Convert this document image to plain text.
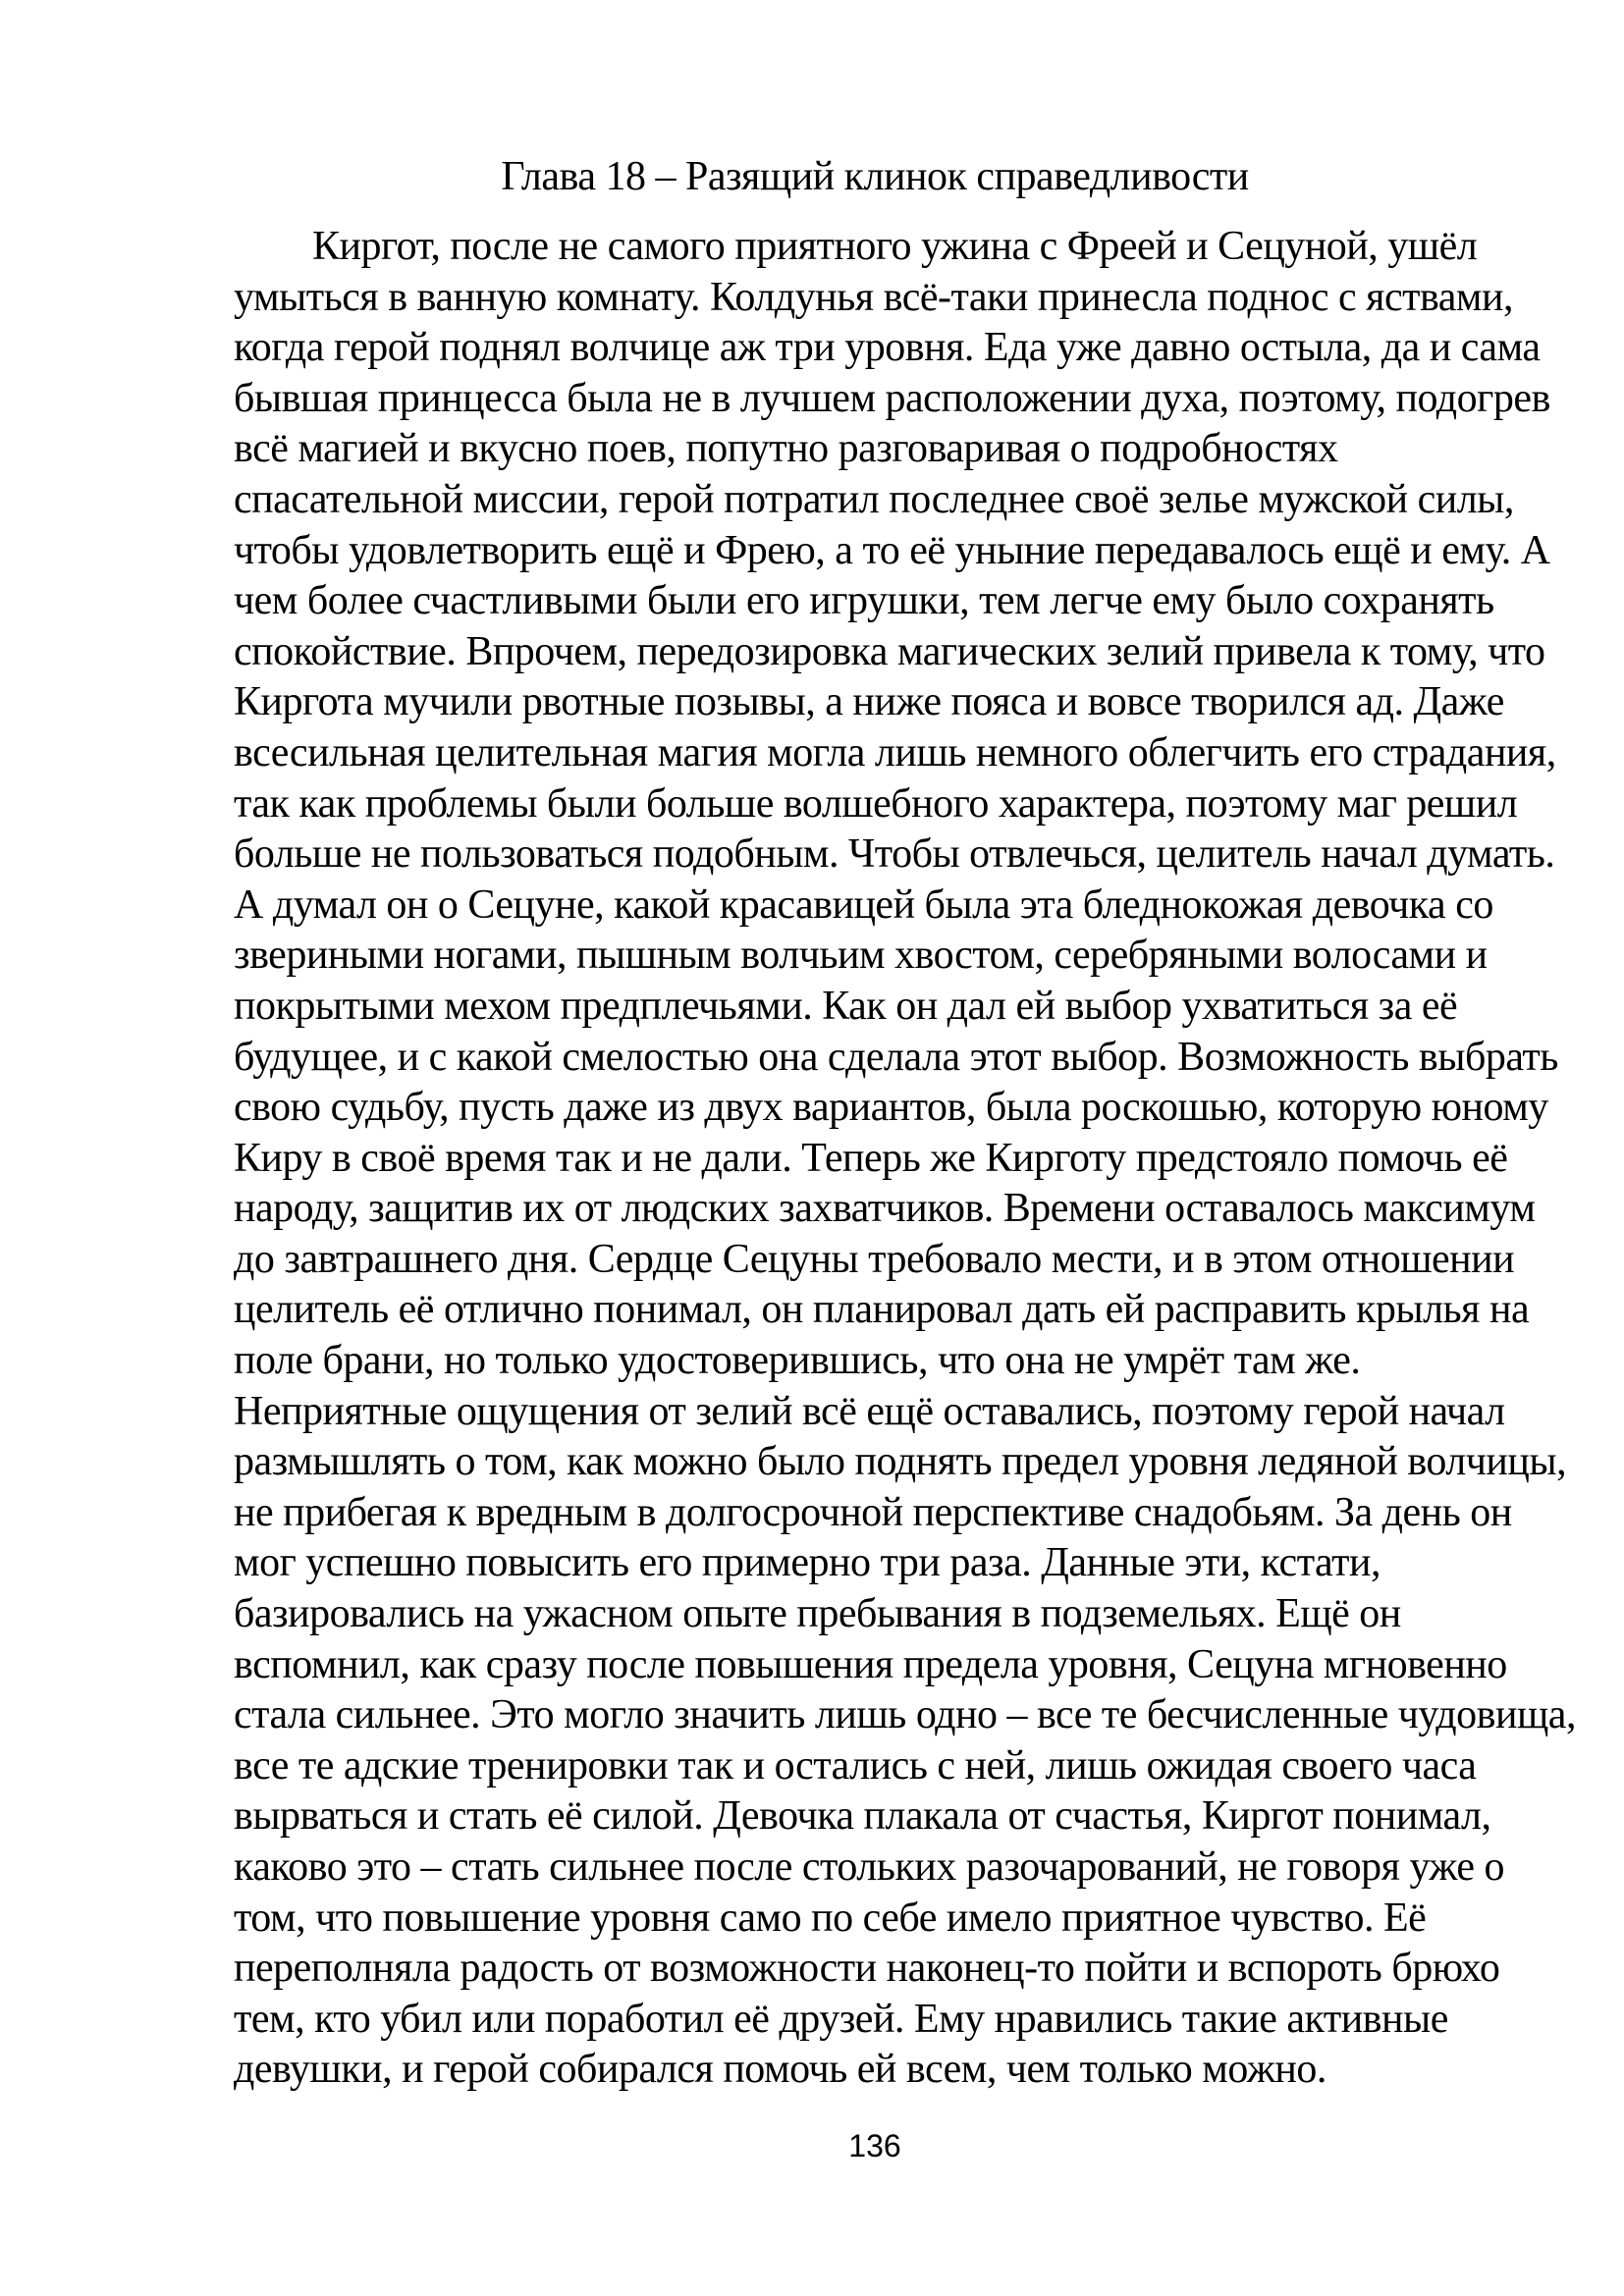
Глава 18 – Разящий клинок справедливости
Киргот, после не самого приятного ужина с Фреей и Сецуной, ушёл
умыться в ванную комнату. Колдунья всё-таки принесла поднос с яствами,
когда герой поднял волчице аж три уровня. Еда уже давно остыла, да и сама
бывшая принцесса была не в лучшем расположении духа, поэтому, подогрев
всё магией и вкусно поев, попутно разговаривая о подробностях
спасательной миссии, герой потратил последнее своё зелье мужской силы,
чтобы удовлетворить ещё и Фрею, а то её уныние передавалось ещё и ему. А
чем более счастливыми были его игрушки, тем легче ему было сохранять
спокойствие. Впрочем, передозировка магических зелий привела к тому, что
Киргота мучили рвотные позывы, а ниже пояса и вовсе творился ад. Даже
всесильная целительная магия могла лишь немного облегчить его страдания,
так как проблемы были больше волшебного характера, поэтому маг решил
больше не пользоваться подобным. Чтобы отвлечься, целитель начал думать.
А думал он о Сецуне, какой красавицей была эта бледнокожая девочка со
звериными ногами, пышным волчьим хвостом, серебряными волосами и
покрытыми мехом предплечьями. Как он дал ей выбор ухватиться за её
будущее, и с какой смелостью она сделала этот выбор. Возможность выбрать
свою судьбу, пусть даже из двух вариантов, была роскошью, которую юному
Киру в своё время так и не дали. Теперь же Кирготу предстояло помочь её
народу, защитив их от людских захватчиков. Времени оставалось максимум
до завтрашнего дня. Сердце Сецуны требовало мести, и в этом отношении
целитель её отлично понимал, он планировал дать ей расправить крылья на
поле брани, но только удостоверившись, что она не умрёт там же.
Неприятные ощущения от зелий всё ещё оставались, поэтому герой начал
размышлять о том, как можно было поднять предел уровня ледяной волчицы,
не прибегая к вредным в долгосрочной перспективе снадобьям. За день он
мог успешно повысить его примерно три раза. Данные эти, кстати,
базировались на ужасном опыте пребывания в подземельях. Ещё он
вспомнил, как сразу после повышения предела уровня, Сецуна мгновенно
стала сильнее. Это могло значить лишь одно – все те бесчисленные чудовища,
все те адские тренировки так и остались с ней, лишь ожидая своего часа
вырваться и стать её силой. Девочка плакала от счастья, Киргот понимал,
каково это – стать сильнее после стольких разочарований, не говоря уже о
том, что повышение уровня само по себе имело приятное чувство. Её
переполняла радость от возможности наконец-то пойти и вспороть брюхо
тем, кто убил или поработил её друзей. Ему нравились такие активные
девушки, и герой собирался помочь ей всем, чем только можно.
136
